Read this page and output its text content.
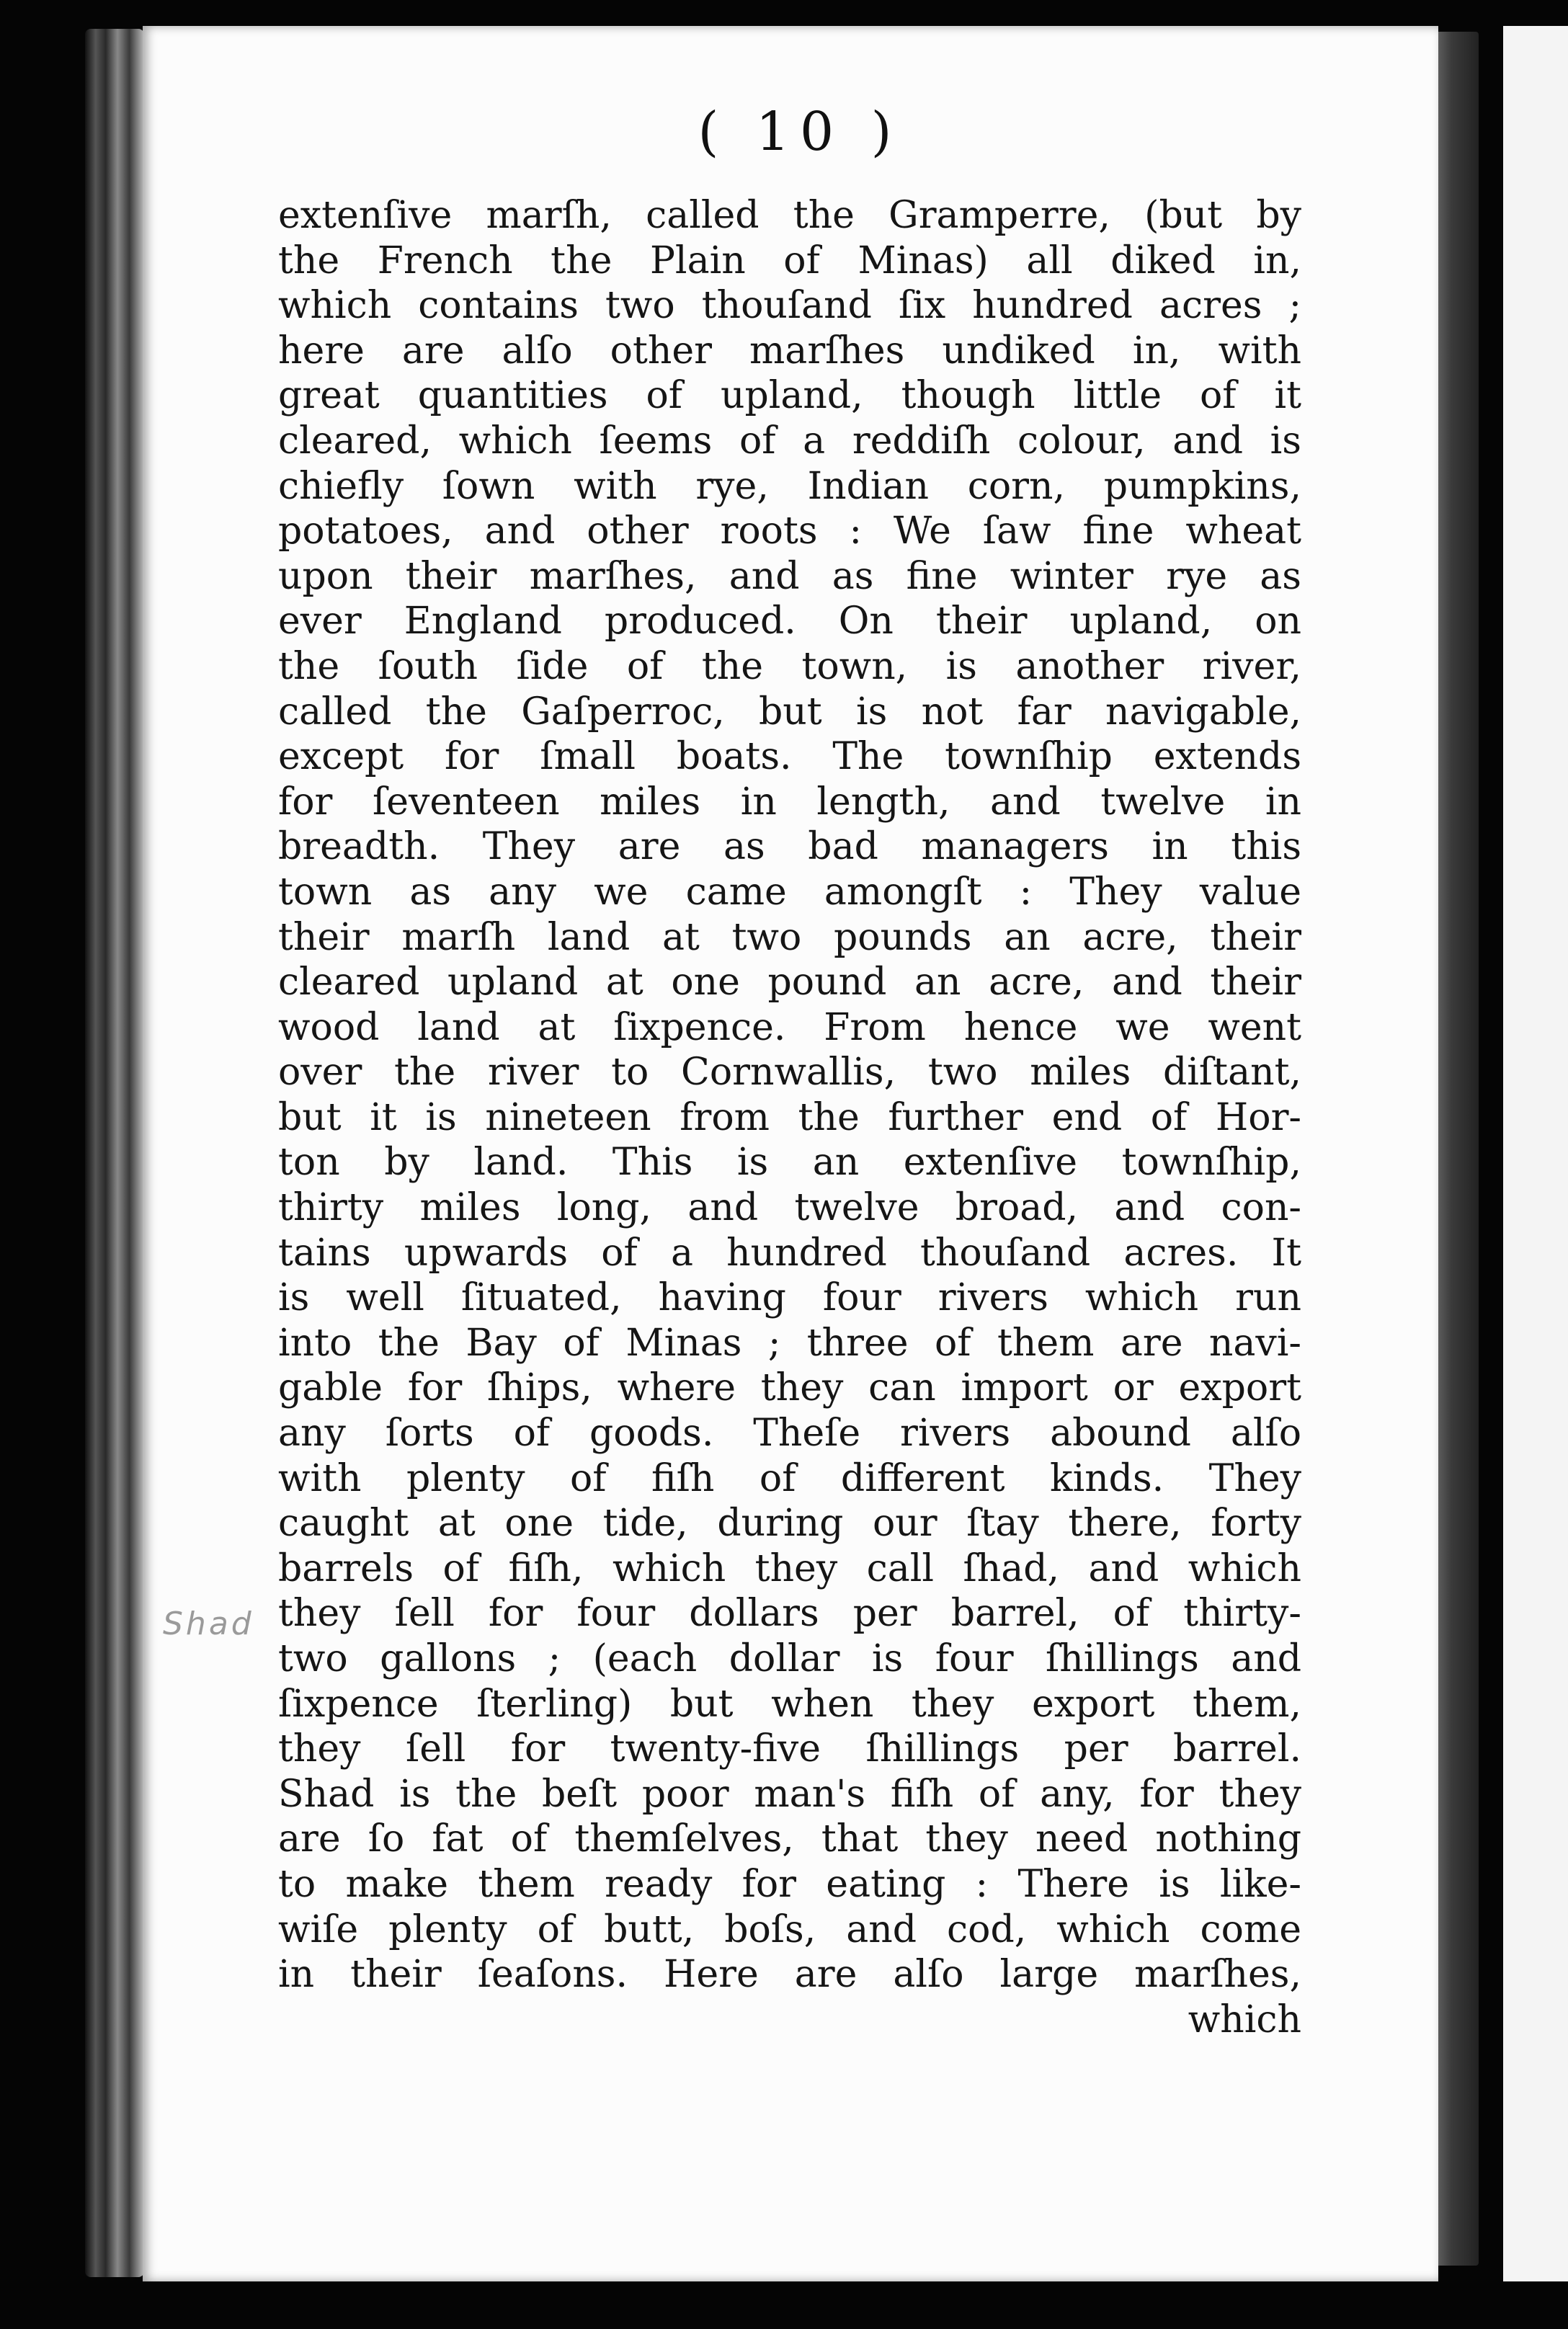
( 10 )
Shad
extenſive marſh, called the Gramperre, (but by
the French the Plain of Minas) all diked in,
which contains two thouſand ſix hundred acres ;
here are alſo other marſhes undiked in, with
great quantities of upland, though little of it
cleared, which ſeems of a reddiſh colour, and is
chiefly ſown with rye, Indian corn, pumpkins,
potatoes, and other roots : We ſaw fine wheat
upon their marſhes, and as fine winter rye as
ever England produced. On their upland, on
the ſouth ſide of the town, is another river,
called the Gaſperroc, but is not far navigable,
except for ſmall boats. The townſhip extends
for ſeventeen miles in length, and twelve in
breadth. They are as bad managers in this
town as any we came amongſt : They value
their marſh land at two pounds an acre, their
cleared upland at one pound an acre, and their
wood land at ſixpence. From hence we went
over the river to Cornwallis, two miles diſtant,
but it is nineteen from the further end of Hor-
ton by land. This is an extenſive townſhip,
thirty miles long, and twelve broad, and con-
tains upwards of a hundred thouſand acres. It
is well ſituated, having four rivers which run
into the Bay of Minas ; three of them are navi-
gable for ſhips, where they can import or export
any ſorts of goods. Theſe rivers abound alſo
with plenty of fiſh of different kinds. They
caught at one tide, during our ſtay there, forty
barrels of fiſh, which they call ſhad, and which
they ſell for four dollars per barrel, of thirty-
two gallons ; (each dollar is four ſhillings and
ſixpence ſterling) but when they export them,
they ſell for twenty-five ſhillings per barrel.
Shad is the beſt poor man's fiſh of any, for they
are ſo fat of themſelves, that they need nothing
to make them ready for eating : There is like-
wiſe plenty of butt, boſs, and cod, which come
in their ſeaſons. Here are alſo large marſhes,
which
